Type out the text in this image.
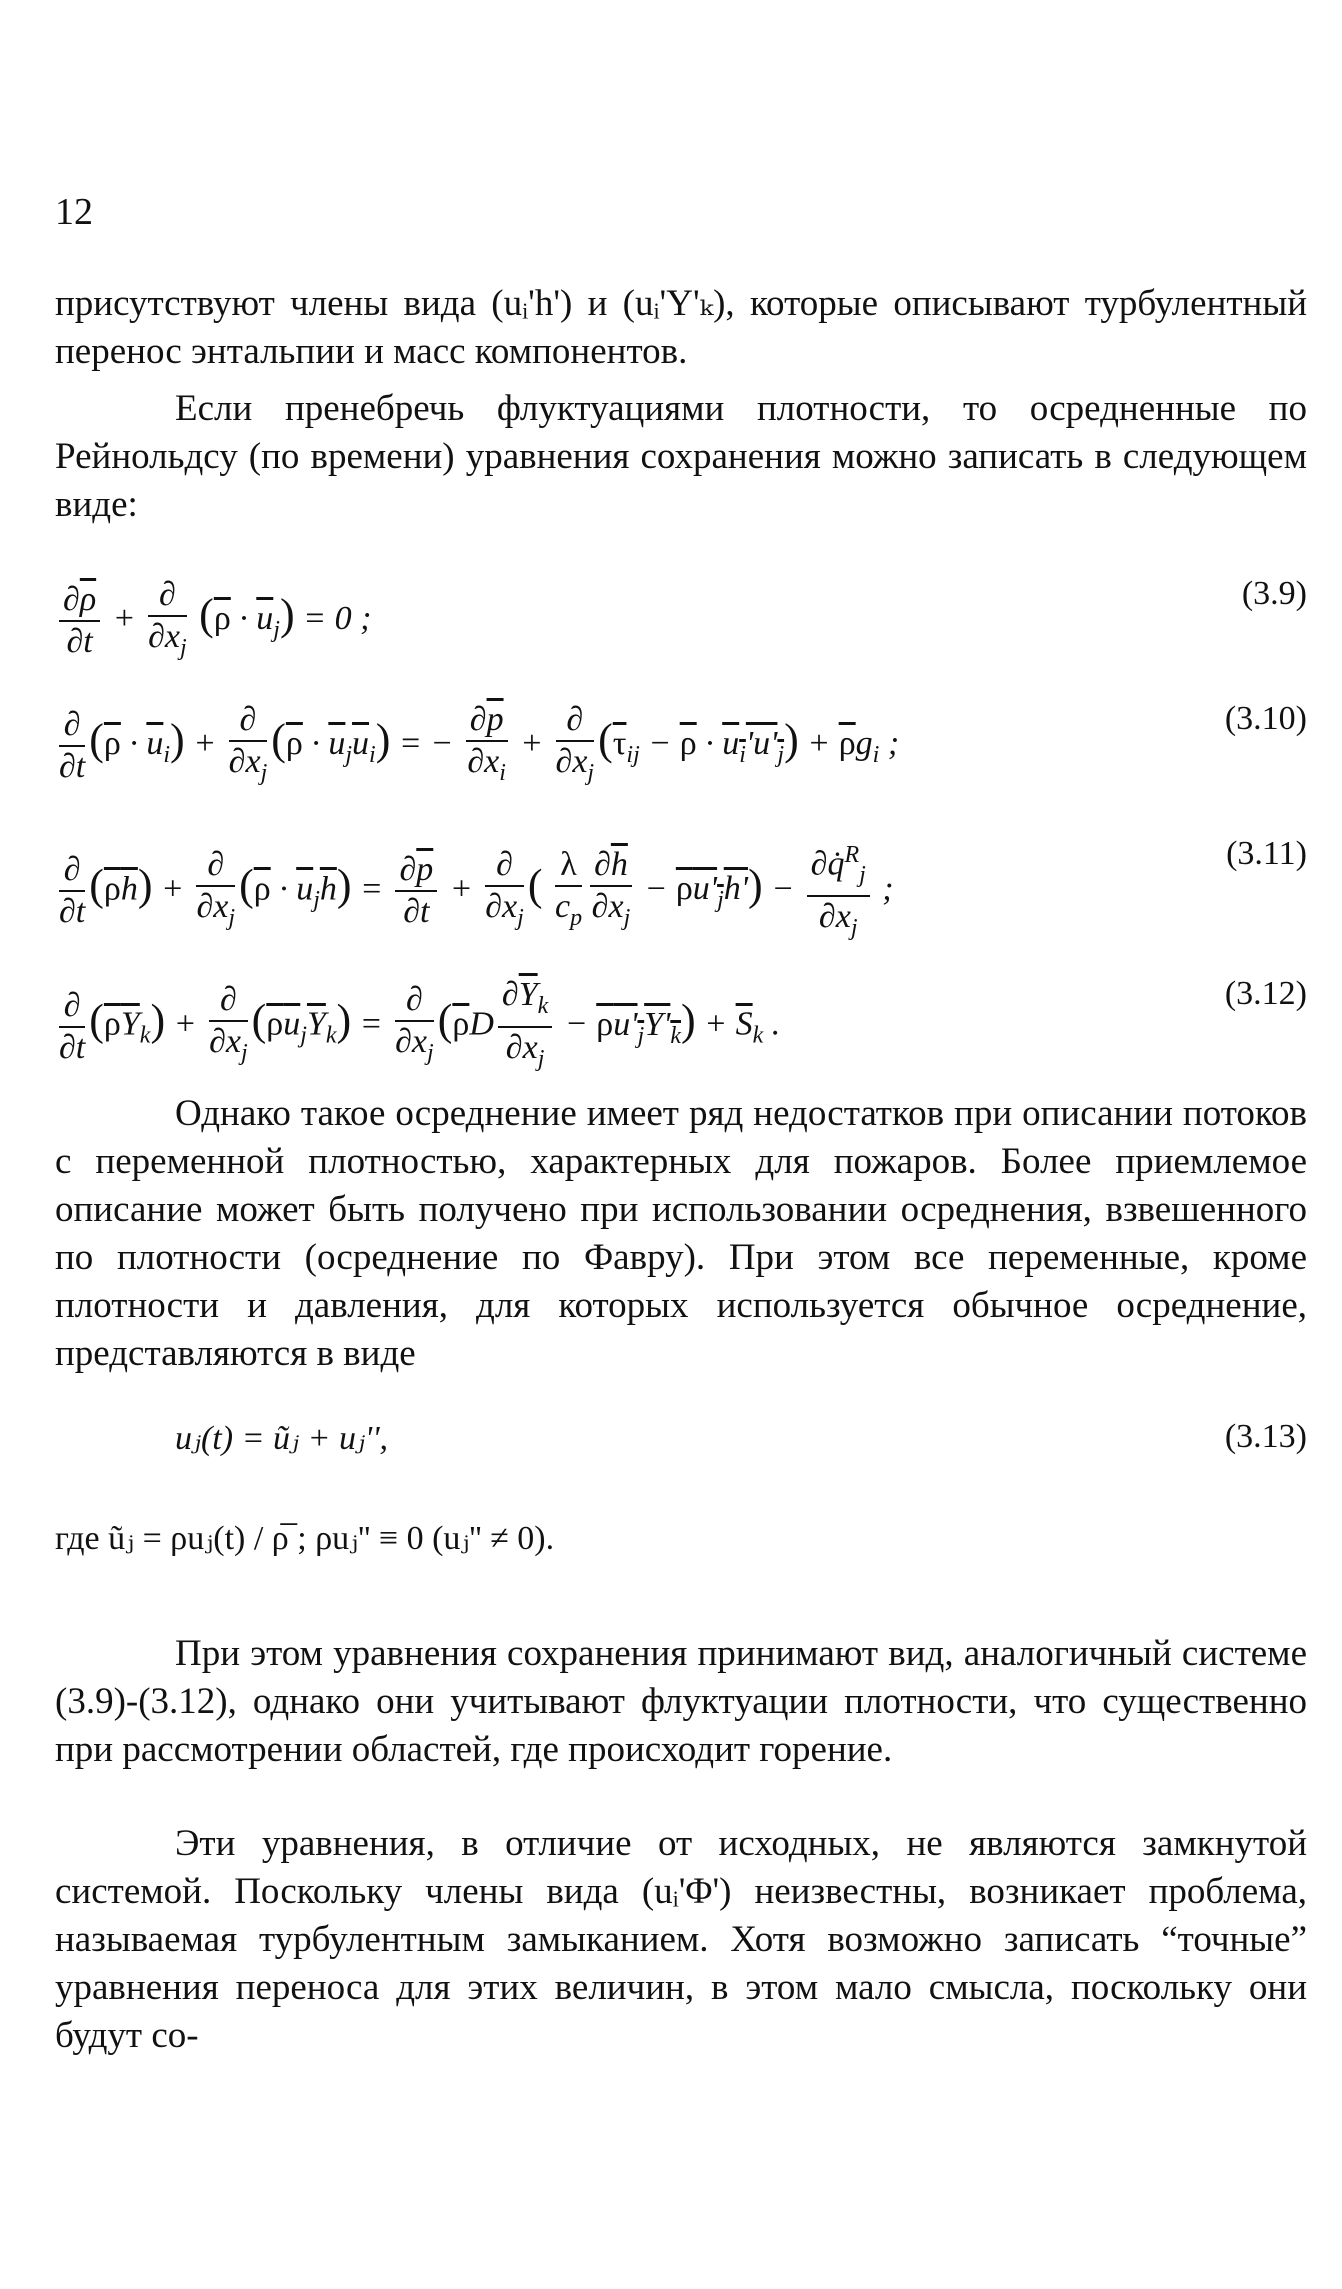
12
присутствуют члены вида (uᵢ'h') и (uᵢ'Y'ₖ), которые описывают турбулентный перенос энтальпии и масс компонентов.
Если пренебречь флуктуациями плотности, то осредненные по Рейнольдсу (по времени) уравнения сохранения можно записать в следующем виде:
$\frac{\partial\overline{\rho}}{\partial t} + \frac{\partial}{\partial x_j} (\overline{\rho} \cdot \overline{u}_j) = 0$ ;
(3.9)
$\frac{\partial}{\partial t} (\overline{\rho} \cdot \overline{u}_i) + \frac{\partial}{\partial x_j} (\overline{\rho} \cdot \overline{u}_j\overline{u}_i)$ = − $\frac{\partial\overline{p}}{\partial x_i} + \frac{\partial}{\partial x_j} (\overline{\tau}_{ij} - \overline{\rho} \cdot u_i'u'_j) + \overline{\rho}g_i$ ;
(3.10)
$\frac{\partial}{\partial t} (\overline{\rho}\overline{h}) + \frac{\partial}{\partial x_j} (\overline{\rho} \cdot \overline{u}_j\overline{h}) = \frac{\partial\overline{p}}{\partial t} + \frac{\partial}{\partial x_j}$ ( $\frac{\lambda}{c_p} \frac{\partial\overline{h}}{\partial x_j} - \rho u'_jh') - \frac{\partial q̇^R_j}{\partial x_j}$ ;
(3.11)
$\frac{\partial}{\partial t} (\overline{\rho}\overline{Y}_k) + \frac{\partial}{\partial x_j} (\overline{\rho}\overline{u}_j\overline{Y}_k) = \frac{\partial}{\partial x_j} (\overline{\rho}D \frac{\partial\overline{Y}_k}{\partial x_j} - \rho u'_jY'_k) + \overline{S}_k$ .
(3.12)
Однако такое осреднение имеет ряд недостатков при описании потоков с переменной плотностью, характерных для пожаров. Более приемлемое описание может быть получено при использовании осреднения, взвешенного по плотности (осреднение по Фавру). При этом все переменные, кроме плотности и давления, для которых используется обычное осреднение, представляются в виде
uⱼ(t) = ũⱼ + uⱼ'',	(3.13)
где ũⱼ = ρuⱼ(t) / ρ̅ ; ρuⱼ'' ≡ 0 (uⱼ'' ≠ 0).
При этом уравнения сохранения принимают вид, аналогичный системе (3.9)-(3.12), однако они учитывают флуктуации плотности, что существенно при рассмотрении областей, где происходит горение.
Эти уравнения, в отличие от исходных, не являются замкнутой системой. Поскольку члены вида (uᵢ'Φ') неизвестны, возникает проблема, называемая турбулентным замыканием. Хотя возможно записать “точные” уравнения переноса для этих величин, в этом мало смысла, поскольку они будут со-
